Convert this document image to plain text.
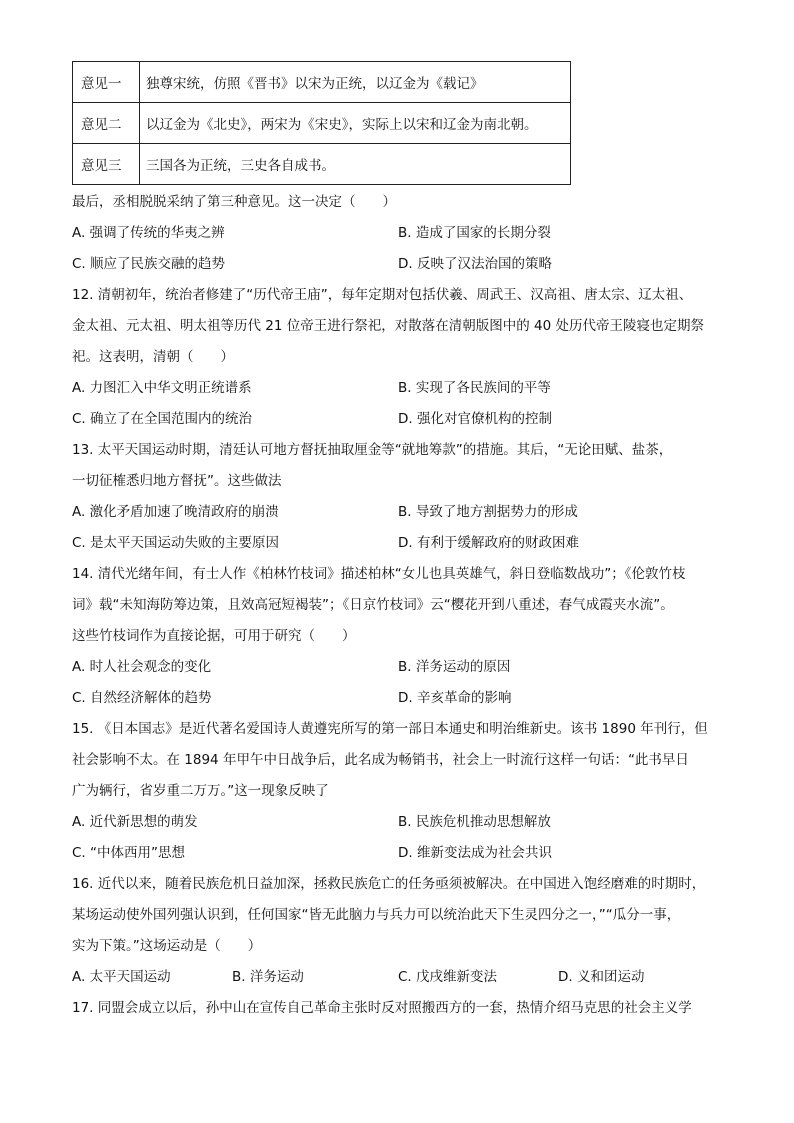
意见一	独尊宋统，仿照《晋书》以宋为正统，以辽金为《载记》
意见二	以辽金为《北史》，两宋为《宋史》，实际上以宋和辽金为南北朝。
意见三	三国各为正统，三史各自成书。
最后，丞相脱脱采纳了第三种意见。这一决定（　　）
A. 强调了传统的华夷之辨	B. 造成了国家的长期分裂
C. 顺应了民族交融的趋势	D. 反映了汉法治国的策略
12. 清朝初年，统治者修建了“历代帝王庙”，每年定期对包括伏羲、周武王、汉高祖、唐太宗、辽太祖、
金太祖、元太祖、明太祖等历代 21 位帝王进行祭祀，对散落在清朝版图中的 40 处历代帝王陵寝也定期祭
祀。这表明，清朝（　　）
A. 力图汇入中华文明正统谱系	B. 实现了各民族间的平等
C. 确立了在全国范围内的统治	D. 强化对官僚机构的控制
13. 太平天国运动时期，清廷认可地方督抚抽取厘金等“就地筹款”的措施。其后，“无论田赋、盐茶，
一切征榷悉归地方督抚”。这些做法
A. 激化矛盾加速了晚清政府的崩溃	B. 导致了地方割据势力的形成
C. 是太平天国运动失败的主要原因	D. 有利于缓解政府的财政困难
14. 清代光绪年间，有士人作《柏林竹枝词》描述柏林“女儿也具英雄气，斜日登临数战功”；《伦敦竹枝
词》载“未知海防筹边策，且效高冠短褐装”；《日京竹枝词》云“樱花开到八重述，春气成霞夹水流”。
这些竹枝词作为直接论据，可用于研究（　　）
A. 时人社会观念的变化	B. 洋务运动的原因
C. 自然经济解体的趋势	D. 辛亥革命的影响
15. 《日本国志》是近代著名爱国诗人黄遵宪所写的第一部日本通史和明治维新史。该书 1890 年刊行，但
社会影响不太。在 1894 年甲午中日战争后，此名成为畅销书，社会上一时流行这样一句话：“此书早日
广为辆行，省岁重二万万。”这一现象反映了
A. 近代新思想的萌发	B. 民族危机推动思想解放
C. “中体西用”思想	D. 维新变法成为社会共识
16. 近代以来，随着民族危机日益加深，拯救民族危亡的任务亟须被解决。在中国进入饱经磨难的时期时，
某场运动使外国列强认识到，任何国家“皆无此脑力与兵力可以统治此天下生灵四分之一，”“瓜分一事，
实为下策。”这场运动是（　　）
A. 太平天国运动	B. 洋务运动	C. 戊戌维新变法	D. 义和团运动
17. 同盟会成立以后，孙中山在宣传自己革命主张时反对照搬西方的一套，热情介绍马克思的社会主义学
